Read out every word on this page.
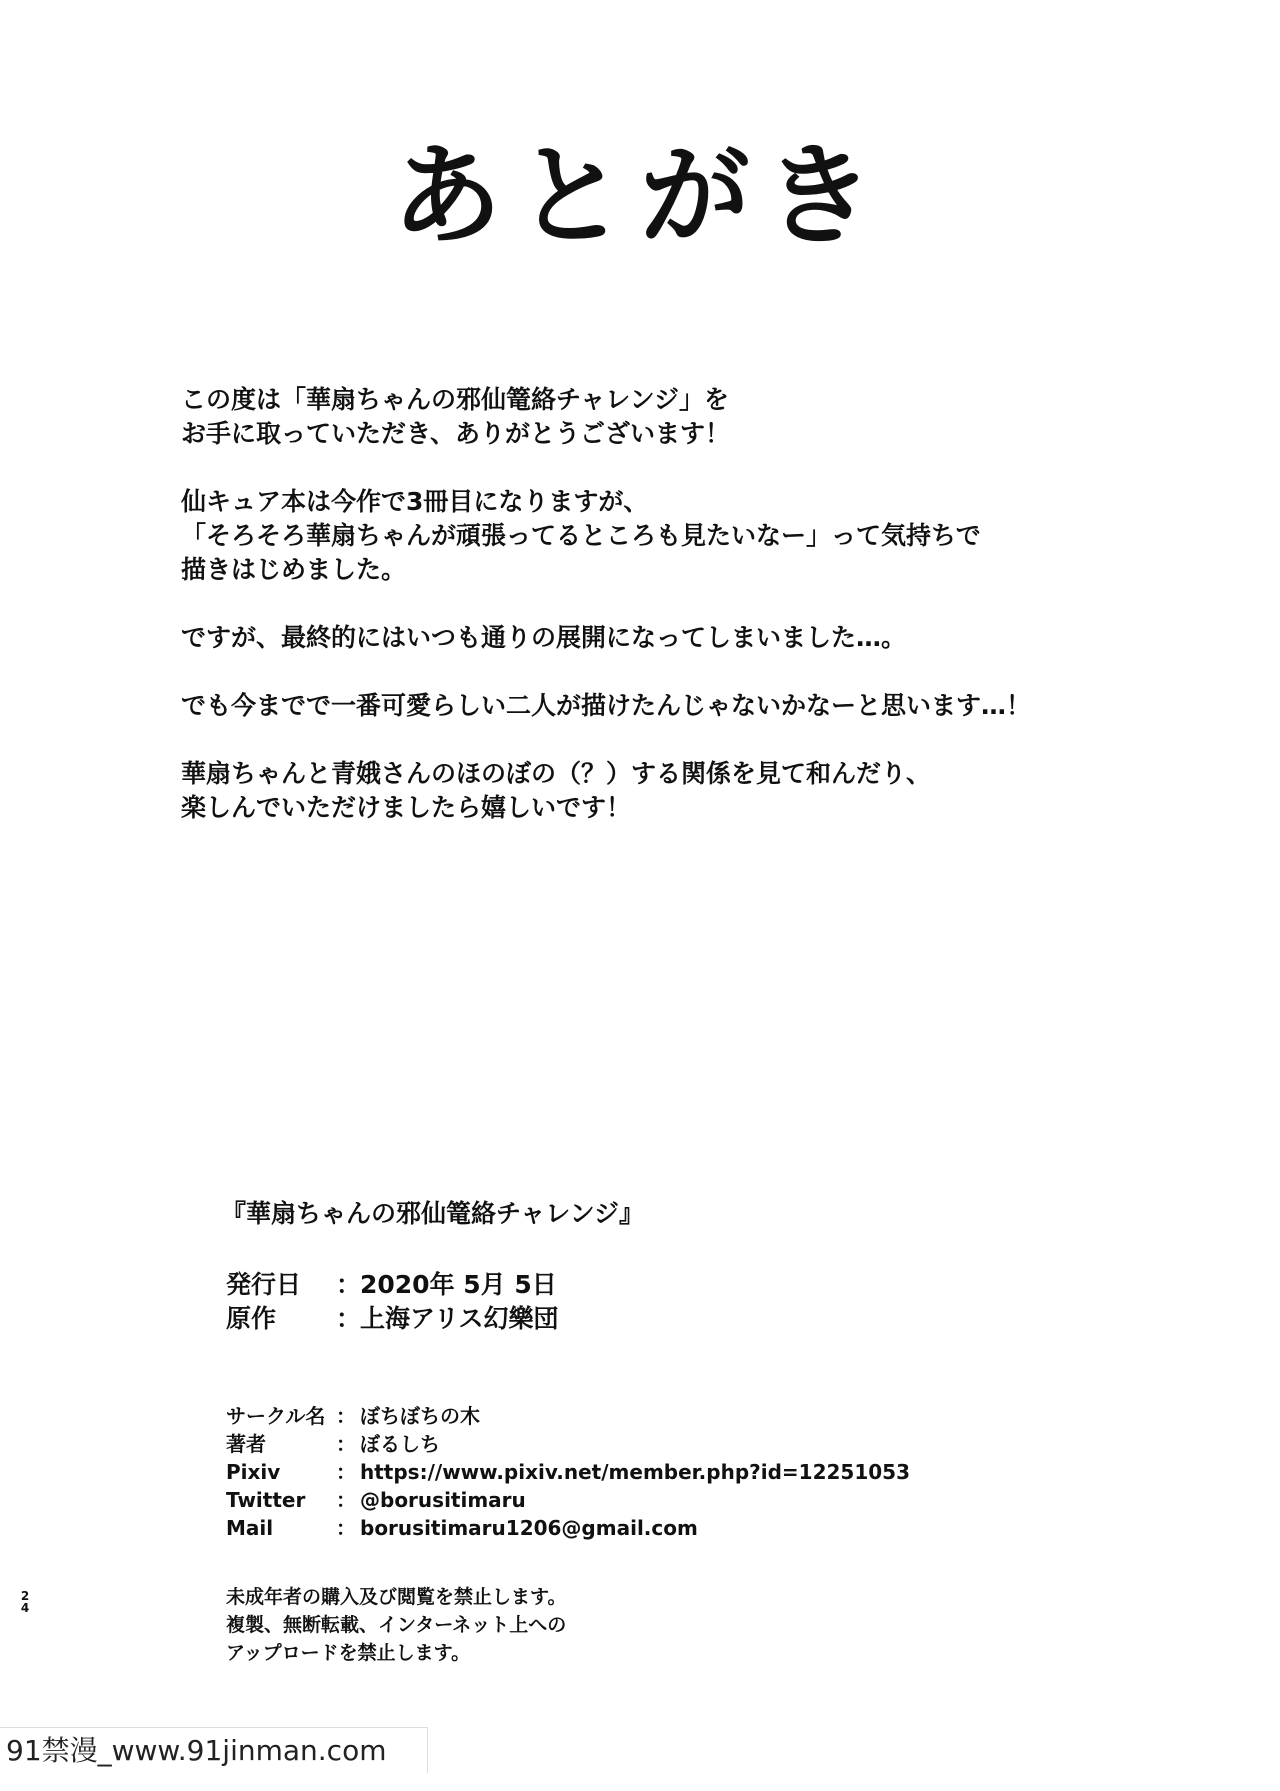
あとがき

この度は「華扇ちゃんの邪仙篭絡チャレンジ」を
お手に取っていただき、ありがとうございます！

仙キュア本は今作で3冊目になりますが、
「そろそろ華扇ちゃんが頑張ってるところも見たいなー」って気持ちで
描きはじめました。

ですが、最終的にはいつも通りの展開になってしまいました…。

でも今までで一番可愛らしい二人が描けたんじゃないかなーと思います…！

華扇ちゃんと青娥さんのほのぼの（？）する関係を見て和んだり、
楽しんでいただけましたら嬉しいです！

『華扇ちゃんの邪仙篭絡チャレンジ』
発行日	：
2020年 5月 5日
原作	：
上海アリス幻樂団
サークル名 ： ぼちぼちの木
著者	： ぼるしち
Pixiv	： https://www.pixiv.net/member.php?id=12251053
Twitter	： @borusitimaru
Mail	： borusitimaru1206@gmail.com
未成年者の購入及び閲覧を禁止します。
複製、無断転載、インターネット上への
アップロードを禁止します。
24
91禁漫_www.91jinman.com
